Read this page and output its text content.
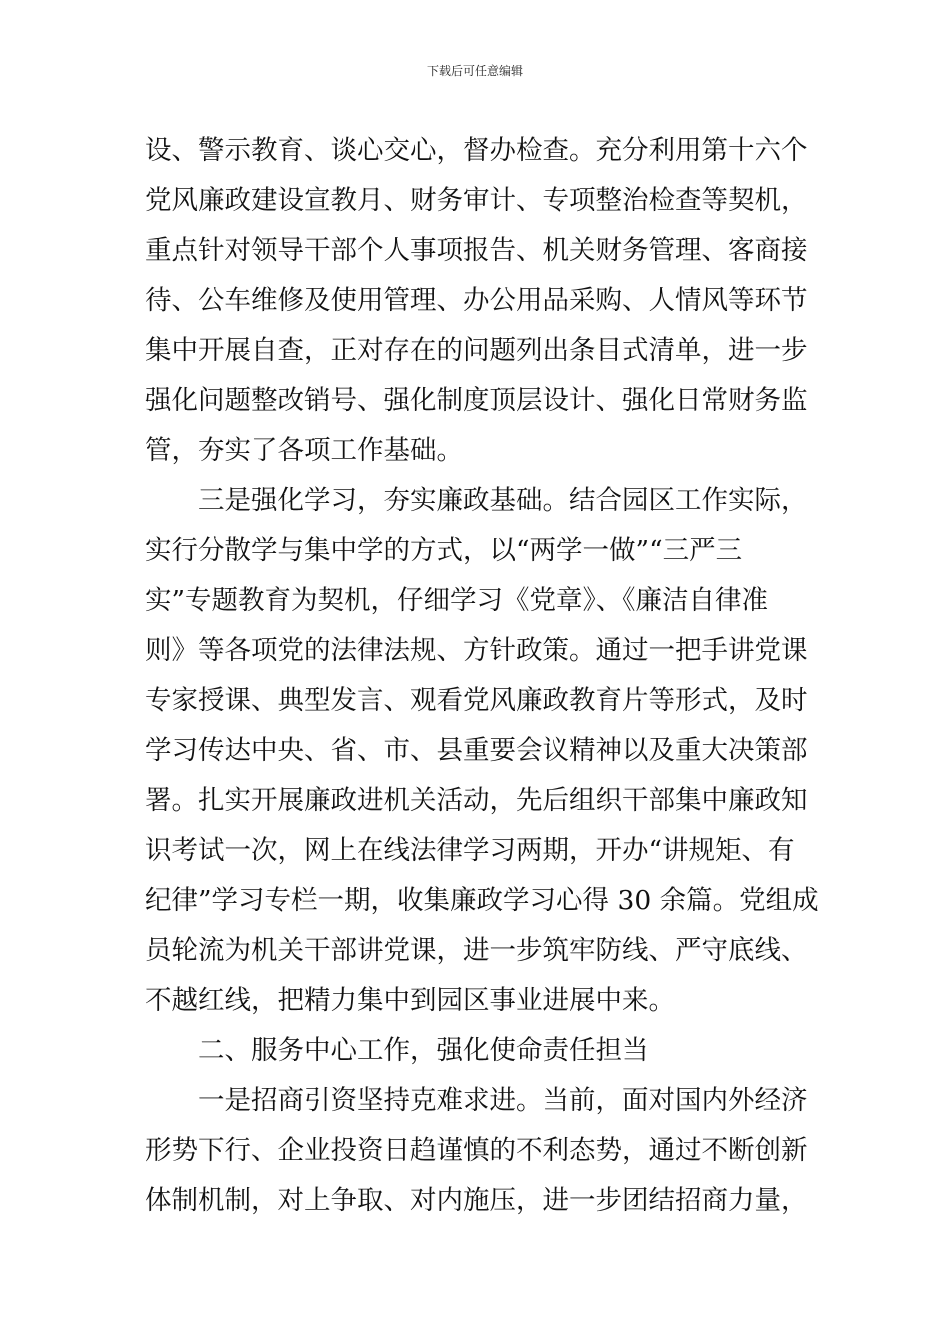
下载后可任意编辑
设、警示教育、谈心交心，督办检查。充分利用第十六个
党风廉政建设宣教月、财务审计、专项整治检查等契机，
重点针对领导干部个人事项报告、机关财务管理、客商接
待、公车维修及使用管理、办公用品采购、人情风等环节
集中开展自查，正对存在的问题列出条目式清单，进一步
强化问题整改销号、强化制度顶层设计、强化日常财务监
管，夯实了各项工作基础。
三是强化学习，夯实廉政基础。结合园区工作实际，
实行分散学与集中学的方式，以“两学一做”“三严三
实”专题教育为契机，仔细学习《党章》、《廉洁自律准
则》等各项党的法律法规、方针政策。通过一把手讲党课
专家授课、典型发言、观看党风廉政教育片等形式，及时
学习传达中央、省、市、县重要会议精神以及重大决策部
署。扎实开展廉政进机关活动，先后组织干部集中廉政知
识考试一次，网上在线法律学习两期，开办“讲规矩、有
纪律”学习专栏一期，收集廉政学习心得 30 余篇。党组成
员轮流为机关干部讲党课，进一步筑牢防线、严守底线、
不越红线，把精力集中到园区事业进展中来。
二、服务中心工作，强化使命责任担当
一是招商引资坚持克难求进。当前，面对国内外经济
形势下行、企业投资日趋谨慎的不利态势，通过不断创新
体制机制，对上争取、对内施压，进一步团结招商力量，
